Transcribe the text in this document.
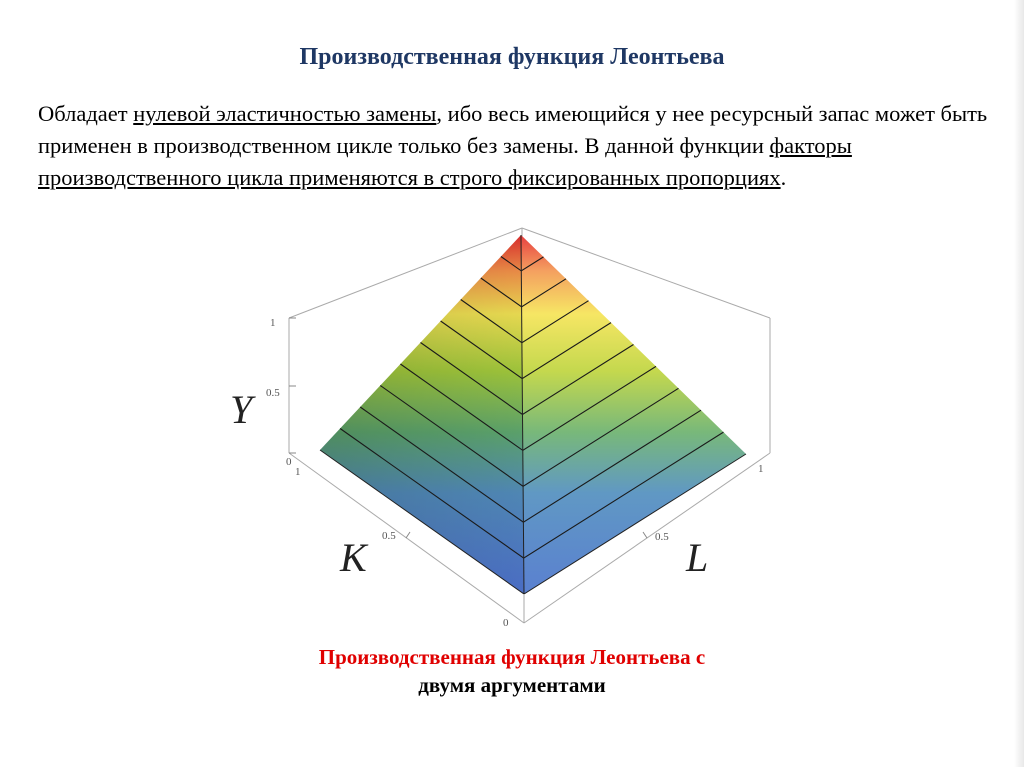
Производственная функция Леонтьева
Обладает нулевой эластичностью замены, ибо весь имеющийся у нее ресурсный запас может быть применен в производственном цикле только без замены. В данной функции факторы производственного цикла применяются в строго фиксированных пропорциях.
1
0.5
0
1
0.5
0
1
0.5
Y
K	L
Производственная функция Леонтьева с
двумя аргументами
